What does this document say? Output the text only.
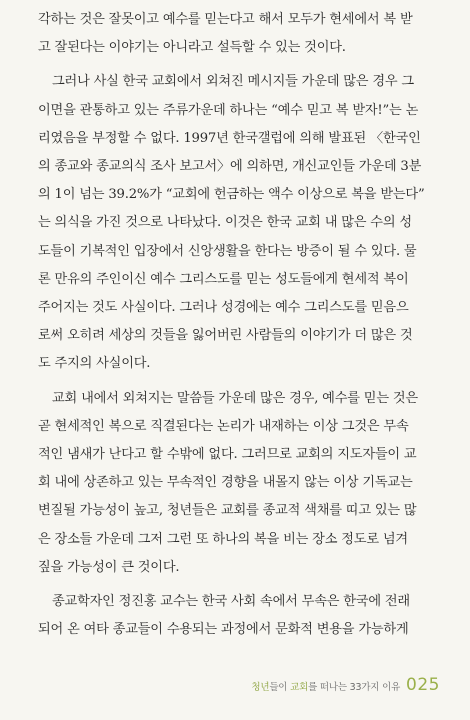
각하는 것은 잘못이고 예수를 믿는다고 해서 모두가 현세에서 복 받
고 잘된다는 이야기는 아니라고 설득할 수 있는 것이다.

그러나 사실 한국 교회에서 외쳐진 메시지들 가운데 많은 경우 그
이면을 관통하고 있는 주류가운데 하나는 “예수 믿고 복 받자!”는 논
리였음을 부정할 수 없다. 1997년 한국갤럽에 의해 발표된 〈한국인
의 종교와 종교의식 조사 보고서〉에 의하면, 개신교인들 가운데 3분
의 1이 넘는 39.2%가 “교회에 헌금하는 액수 이상으로 복을 받는다”
는 의식을 가진 것으로 나타났다. 이것은 한국 교회 내 많은 수의 성
도들이 기복적인 입장에서 신앙생활을 한다는 방증이 될 수 있다. 물
론 만유의 주인이신 예수 그리스도를 믿는 성도들에게 현세적 복이
주어지는 것도 사실이다. 그러나 성경에는 예수 그리스도를 믿음으
로써 오히려 세상의 것들을 잃어버린 사람들의 이야기가 더 많은 것
도 주지의 사실이다.

교회 내에서 외쳐지는 말씀들 가운데 많은 경우, 예수를 믿는 것은
곧 현세적인 복으로 직결된다는 논리가 내재하는 이상 그것은 무속
적인 냄새가 난다고 할 수밖에 없다. 그러므로 교회의 지도자들이 교
회 내에 상존하고 있는 무속적인 경향을 내몰지 않는 이상 기독교는
변질될 가능성이 높고, 청년들은 교회를 종교적 색채를 띠고 있는 많
은 장소들 가운데 그저 그런 또 하나의 복을 비는 장소 정도로 넘겨
짚을 가능성이 큰 것이다.

종교학자인 정진홍 교수는 한국 사회 속에서 무속은 한국에 전래
되어 온 여타 종교들이 수용되는 과정에서 문화적 변용을 가능하게

청년들이 교회를 떠나는 33가지 이유 025
